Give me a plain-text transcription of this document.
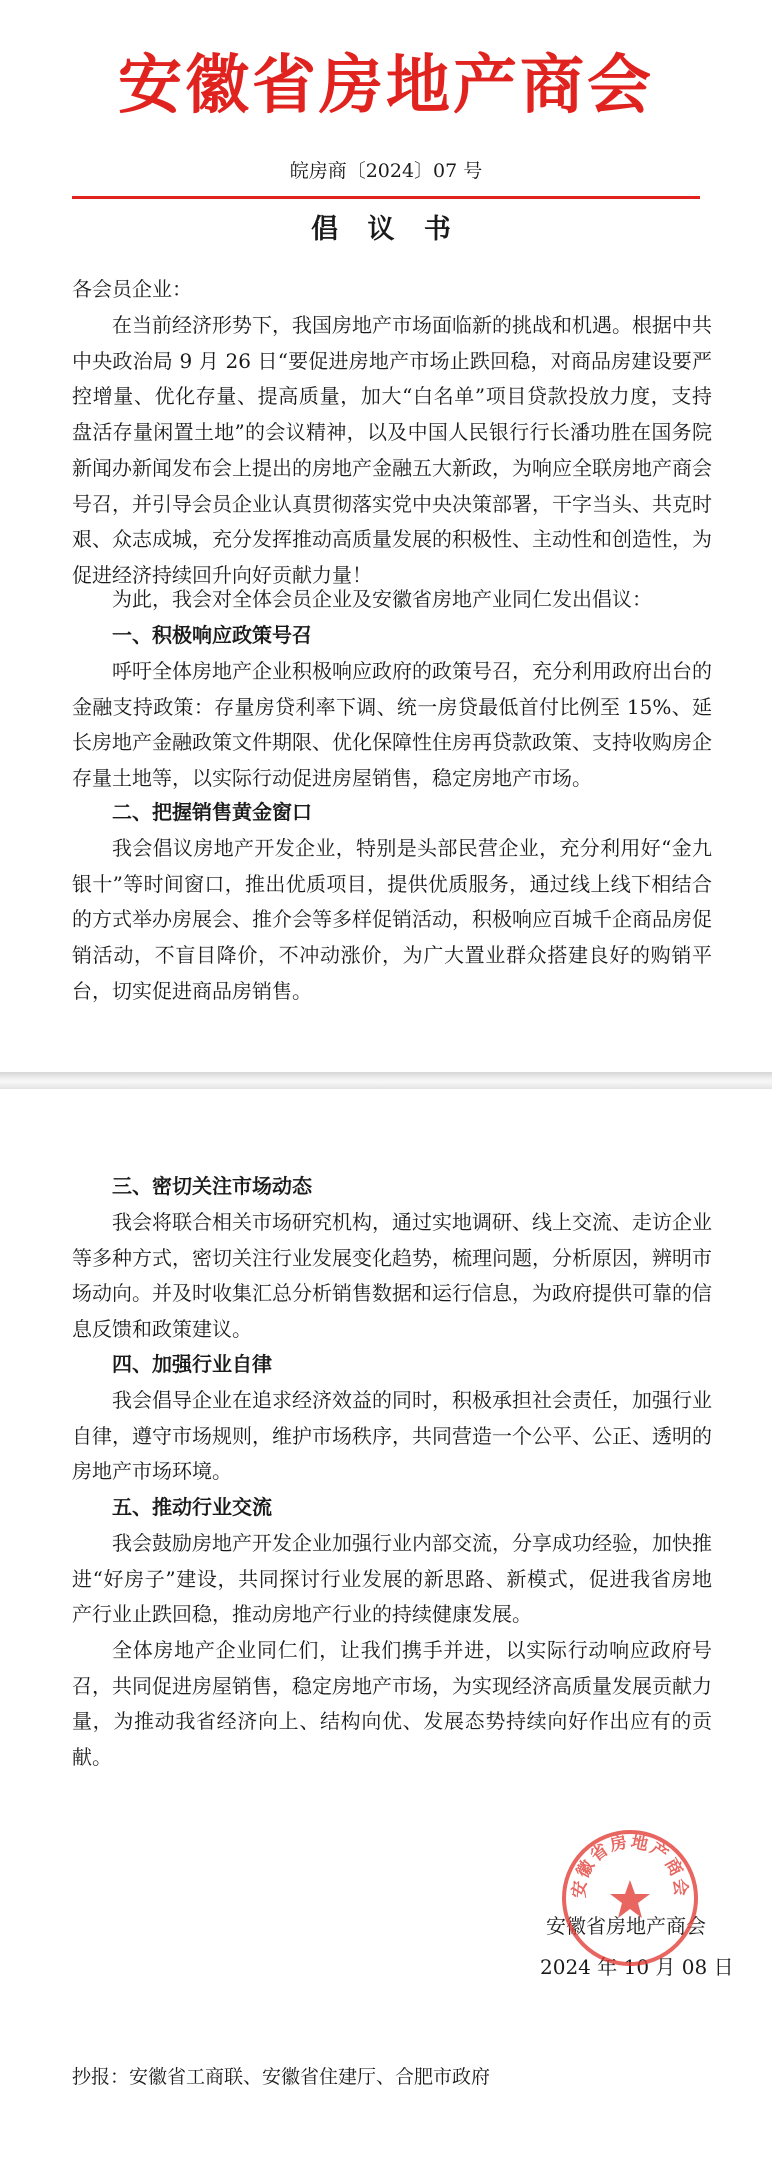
安徽省房地产商会
皖房商〔2024〕07 号
倡 议 书

各会员企业：

在当前经济形势下，我国房地产市场面临新的挑战和机遇。根据中共中央政治局 9 月 26 日“要促进房地产市场止跌回稳，对商品房建设要严控增量、优化存量、提高质量，加大“白名单”项目贷款投放力度，支持盘活存量闲置土地”的会议精神，以及中国人民银行行长潘功胜在国务院新闻办新闻发布会上提出的房地产金融五大新政，为响应全联房地产商会号召，并引导会员企业认真贯彻落实党中央决策部署，干字当头、共克时艰、众志成城，充分发挥推动高质量发展的积极性、主动性和创造性，为促进经济持续回升向好贡献力量！

为此，我会对全体会员企业及安徽省房地产业同仁发出倡议：

一、积极响应政策号召

呼吁全体房地产企业积极响应政府的政策号召，充分利用政府出台的金融支持政策：存量房贷利率下调、统一房贷最低首付比例至 15%、延长房地产金融政策文件期限、优化保障性住房再贷款政策、支持收购房企存量土地等，以实际行动促进房屋销售，稳定房地产市场。

二、把握销售黄金窗口

我会倡议房地产开发企业，特别是头部民营企业，充分利用好“金九银十”等时间窗口，推出优质项目，提供优质服务，通过线上线下相结合的方式举办房展会、推介会等多样促销活动，积极响应百城千企商品房促销活动，不盲目降价，不冲动涨价，为广大置业群众搭建良好的购销平台，切实促进商品房销售。

三、密切关注市场动态

我会将联合相关市场研究机构，通过实地调研、线上交流、走访企业等多种方式，密切关注行业发展变化趋势，梳理问题，分析原因，辨明市场动向。并及时收集汇总分析销售数据和运行信息，为政府提供可靠的信息反馈和政策建议。

四、加强行业自律

我会倡导企业在追求经济效益的同时，积极承担社会责任，加强行业自律，遵守市场规则，维护市场秩序，共同营造一个公平、公正、透明的房地产市场环境。

五、推动行业交流

我会鼓励房地产开发企业加强行业内部交流，分享成功经验，加快推进“好房子”建设，共同探讨行业发展的新思路、新模式，促进我省房地产行业止跌回稳，推动房地产行业的持续健康发展。

全体房地产企业同仁们，让我们携手并进，以实际行动响应政府号召，共同促进房屋销售，稳定房地产市场，为实现经济高质量发展贡献力量，为推动我省经济向上、结构向优、发展态势持续向好作出应有的贡献。

安徽省房地产商会
2024 年 10 月 08 日
安徽省房地产商会
抄报：安徽省工商联、安徽省住建厅、合肥市政府
